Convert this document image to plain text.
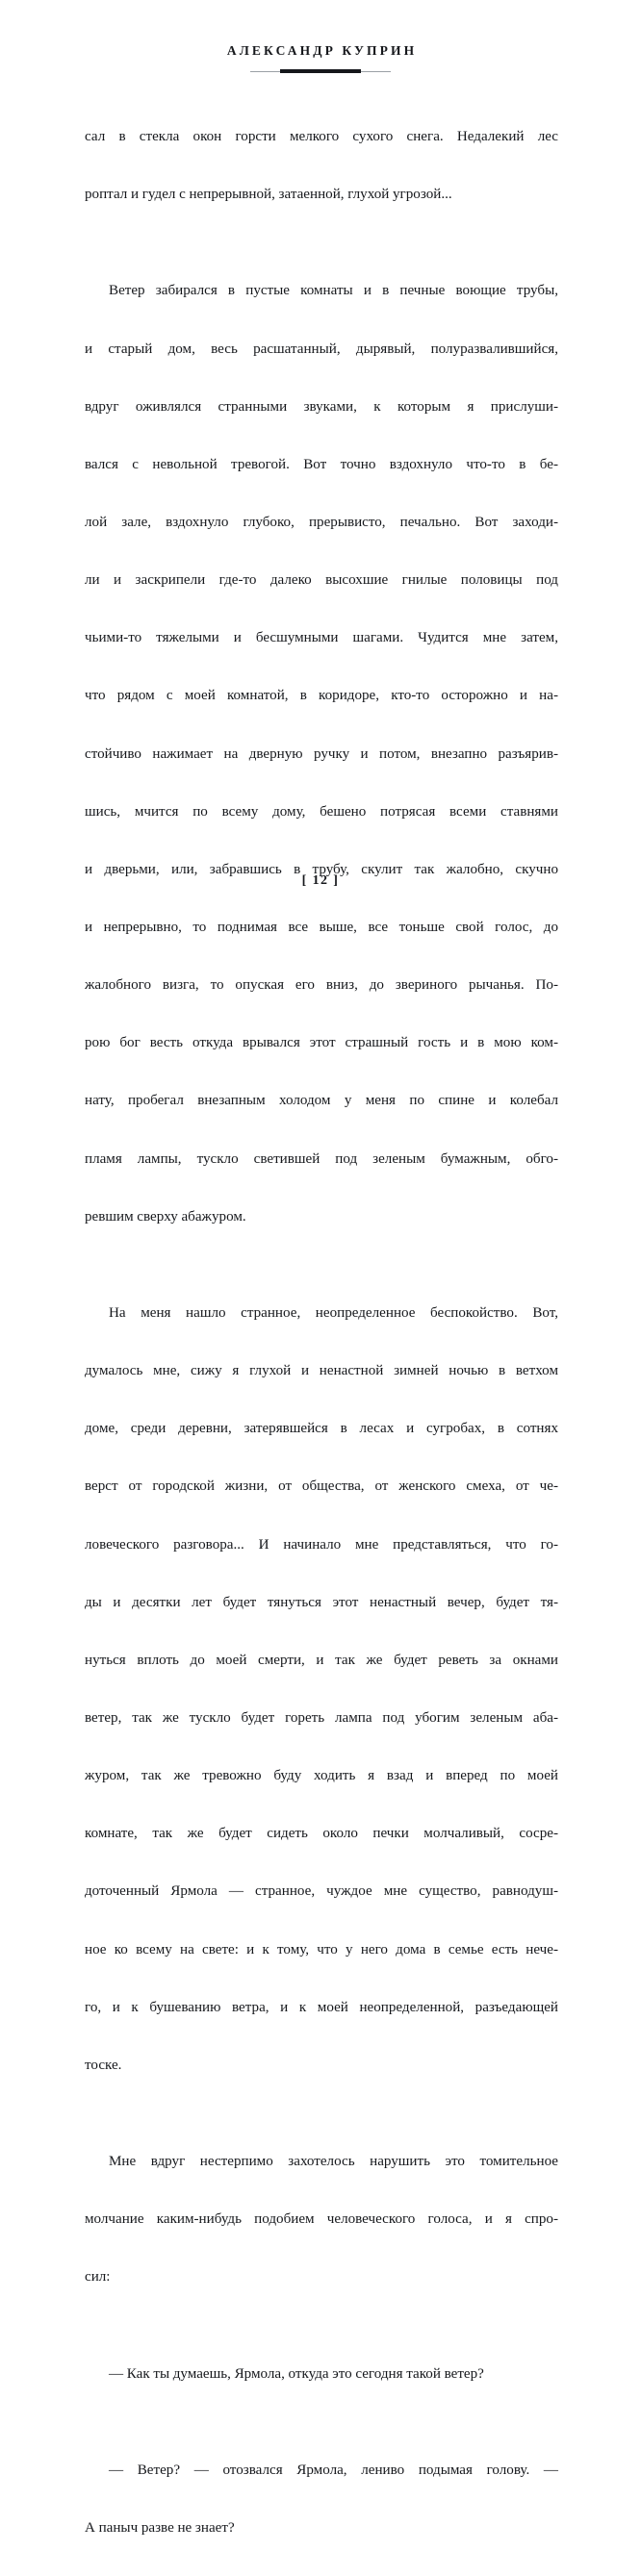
АЛЕКСАНДР КУПРИН

сал в стекла окон горсти мелкого сухого снега. Недалекий лес

роптал и гудел с непрерывной, затаенной, глухой угрозой...

Ветер забирался в пустые комнаты и в печные воющие трубы,

и старый дом, весь расшатанный, дырявый, полуразвалившийся,

вдруг оживлялся странными звуками, к которым я прислуши-

вался с невольной тревогой. Вот точно вздохнуло что-то в бе-

лой зале, вздохнуло глубоко, прерывисто, печально. Вот заходи-

ли и заскрипели где-то далеко высохшие гнилые половицы под

чьими-то тяжелыми и бесшумными шагами. Чудится мне затем,

что рядом с моей комнатой, в коридоре, кто-то осторожно и на-

стойчиво нажимает на дверную ручку и потом, внезапно разъярив-

шись, мчится по всему дому, бешено потрясая всеми ставнями

и дверьми, или, забравшись в трубу, скулит так жалобно, скучно

и непрерывно, то поднимая все выше, все тоньше свой голос, до

жалобного визга, то опуская его вниз, до звериного рычанья. По-

рою бог весть откуда врывался этот страшный гость и в мою ком-

нату, пробегал внезапным холодом у меня по спине и колебал

пламя лампы, тускло светившей под зеленым бумажным, обго-

ревшим сверху абажуром.

На меня нашло странное, неопределенное беспокойство. Вот,

думалось мне, сижу я глухой и ненастной зимней ночью в ветхом

доме, среди деревни, затерявшейся в лесах и сугробах, в сотнях

верст от городской жизни, от общества, от женского смеха, от че-

ловеческого разговора... И начинало мне представляться, что го-

ды и десятки лет будет тянуться этот ненастный вечер, будет тя-

нуться вплоть до моей смерти, и так же будет реветь за окнами

ветер, так же тускло будет гореть лампа под убогим зеленым аба-

журом, так же тревожно буду ходить я взад и вперед по моей

комнате, так же будет сидеть около печки молчаливый, сосре-

доточенный Ярмола — странное, чуждое мне существо, равнодуш-

ное ко всему на свете: и к тому, что у него дома в семье есть нече-

го, и к бушеванию ветра, и к моей неопределенной, разъедающей

тоске.

Мне вдруг нестерпимо захотелось нарушить это томительное

молчание каким-нибудь подобием человеческого голоса, и я спро-

сил:

— Как ты думаешь, Ярмола, откуда это сегодня такой ветер?

— Ветер? — отозвался Ярмола, лениво подымая голову. —

А паныч разве не знает?

[ 12 ]
